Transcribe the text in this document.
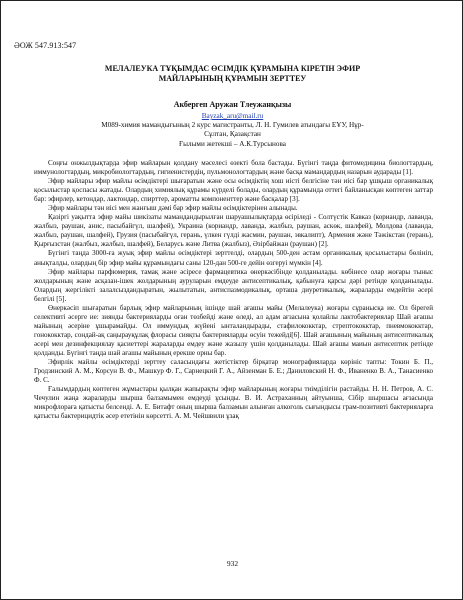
ӘОЖ 547.913:547
МЕЛАЛЕУКА ТҰҚЫМДАС ӨСІМДІК ҚҰРАМЫНА КІРЕТІН ЭФИР
МАЙЛАРЫНЫҢ ҚҰРАМЫН ЗЕРТТЕУ
Акбергеп Аружан Тлеужанқызы
Bayzak_aru@mail.ru
М089-химия мамандығының 2 курс магистранты, Л. Н. Гумилев атындағы ЕҰУ, Нұр-
Сұлтан, Қазақстан
Ғылыми жетекші – А.К.Турсынова

Соңғы онжылдықтарда эфир майларын қолдану мәселесі өзекті бола бастады. Бүгінгі таңда фитомедицина биологтардың, иммунологтардың, микробиологтардың, гигиенистердің, пульмонологтардың және басқа мамандардың назарын аударады [1].

Эфир майлары эфир майлы өсімдіктері шығаратын және осы өсімдіктің хош иісті белгісіне тән иісі бар ұшқыш органикалық қосылыстар қоспасы жатады. Олардың химиялық құрамы күрделі болады, олардың құрамында оттегі байланысқан көптеген заттар бар: эфирлер, кетондар, лактондар, спирттер, ароматты компоненттер және басқалар [3].

Эфир майлары тән иісі мен жанғыш дәмі бар эфир майлы өсімдіктерінен алынады.

Қазіргі уақытта эфир майы шикізаты мамандандырылған шаруашылықтарда өсіріледі - Солтүстік Кавказ (кориандр, лаванда, жалбыз, раушан, анис, пасыбайгүл, шалфей), Украина (кориандр, лаванда, жалбыз, раушан, аскөк, шалфей), Молдова (лаванда, жалбыз, раушан, шалфей), Грузия (пасыбайгүл, герань, үлкен гүлді жасмин, раушан, эвкалипт), Армения және Тәжікстан (герань), Қырғызстан (жалбыз, жалбыз, шалфей), Беларусь және Литва (жалбыз), Әзірбайжан (раушан) [2].

Бүгінгі таңда 3000-ға жуық эфир майлы өсімдіктері зерттелді, олардың 500-ден астам органикалық қосылыстары бөлініп, анықталды, олардың бір эфир майы құрамындағы саны 120-дан 500-ге дейін өзгеруі мүмкін [4].

Эфир майлары парфюмерия, тамақ және әсіресе фармацевтика өнеркәсібінде қолданылады. көбінесе олар жоғары тыныс жолдарының және асқазан-ішек жолдарының ауруларын емдеуде антисептикалық, қабынуға қарсы дәрі ретінде қолданылады. Олардың жергілікті залалсыздандыратын, жылытатын, антиспазмодикалық, орташа диуретикалық, жараларды емдейтін әсері белгілі [5].

Өнеркәсіп шығаратын барлық эфир майларының ішінде шай ағашы майы (Мелалеука) жоғары сұранысқа ие. Ол бірегей селективті әсерге ие: зиянды бактерияларды оған төзбейді және өледі, ал адам ағзасына қолайлы лактобактериялар Шай ағашы майының әсеріне ұшырамайды. Ол иммундық жүйені ынталандырады, стафилококктар, стрептококктар, пневмококктар, гонококктар, сондай-ақ саңырауқұлақ флорасы сияқты бактерияларды өсуін тежейді[6]. Шай ағашының майының антисептикалық әсері мен дезинфекциялау қасиеттері жараларды емдеу және жазылу үшін қолданылады. Шай ағашы маиын антисептик ретінде қолданды. Бүгінгі таңда шай ағашы майының ерекше орны бар.

Эфирлік майлы өсімдіктерді зерттеу саласындағы жетістіктер бірқатар монографияларда көрініс тапты: Токин Б. П., Гродзинский А. М., Корсун В. Ф., Машкур Ф. Г., Сарнецкий Г. А., Айзенман Б. Е.; Даниловский Н. Ф., Иваненко В. А., Танасиенко Ф. С.

Ғалымдардың көптеген жұмыстары қылқан жапырақты эфир майларының жоғары тиімділігін растайды. Н. Н. Петров, А. С. Чечулин жаңа жараларды шырша балзамымен емдеуді ұсынды. В. И. Астраханның айтуынша, Сібір шыршасы ағзасында микрофлораға қатысты белсенді. А. Е. Битафт оның шырша балзамын алынған алкоголь сығындысы грам-позитивті бактерияларға қатысты бактерицидтік әсер ететінін көрсетті. А. М. Чейшвили ұзақ

932
